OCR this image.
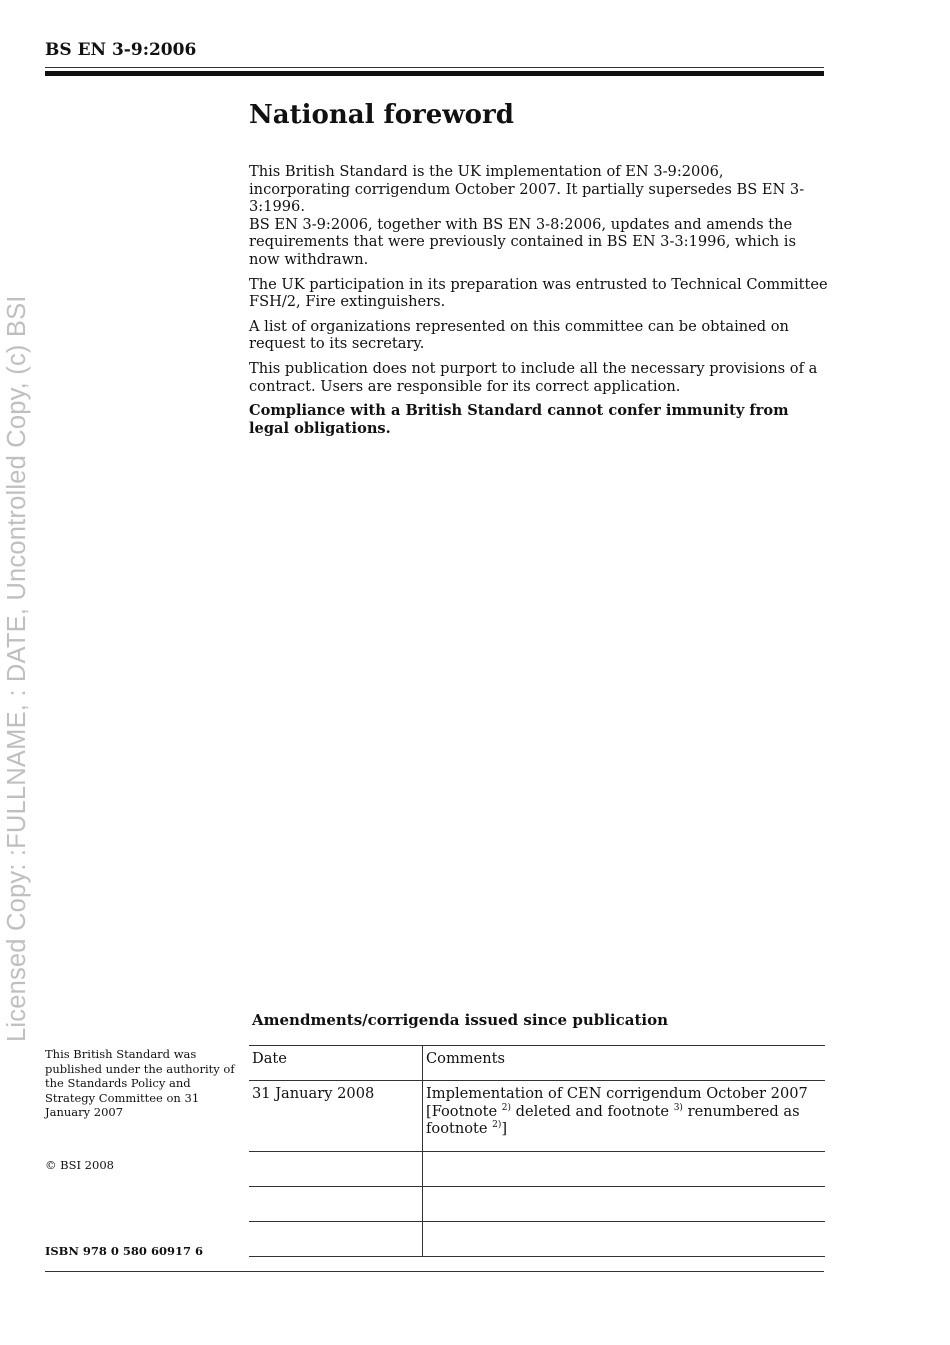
Licensed Copy: :FULLNAME, : DATE, Uncontrolled Copy, (c) BSI
BS EN 3-9:2006
National foreword

This British Standard is the UK implementation of EN 3-9:2006, incorporating corrigendum October 2007. It partially supersedes BS EN 3-3:1996.

BS EN 3-9:2006, together with BS EN 3-8:2006, updates and amends the requirements that were previously contained in BS EN 3-3:1996, which is now withdrawn.

The UK participation in its preparation was entrusted to Technical Committee FSH/2, Fire extinguishers.

A list of organizations represented on this committee can be obtained on request to its secretary.

This publication does not purport to include all the necessary provisions of a contract. Users are responsible for its correct application.

Compliance with a British Standard cannot confer immunity from legal obligations.

This British Standard was published under the authority of the Standards Policy and Strategy Committee on 31 January 2007
© BSI 2008
ISBN 978 0 580 60917 6
Amendments/corrigenda issued since publication
Date	Comments
31 January 2008	Implementation of CEN corrigendum October 2007 [Footnote $^{2)}$ deleted and footnote $^{3)}$ renumbered as footnote $^{2)}$]
